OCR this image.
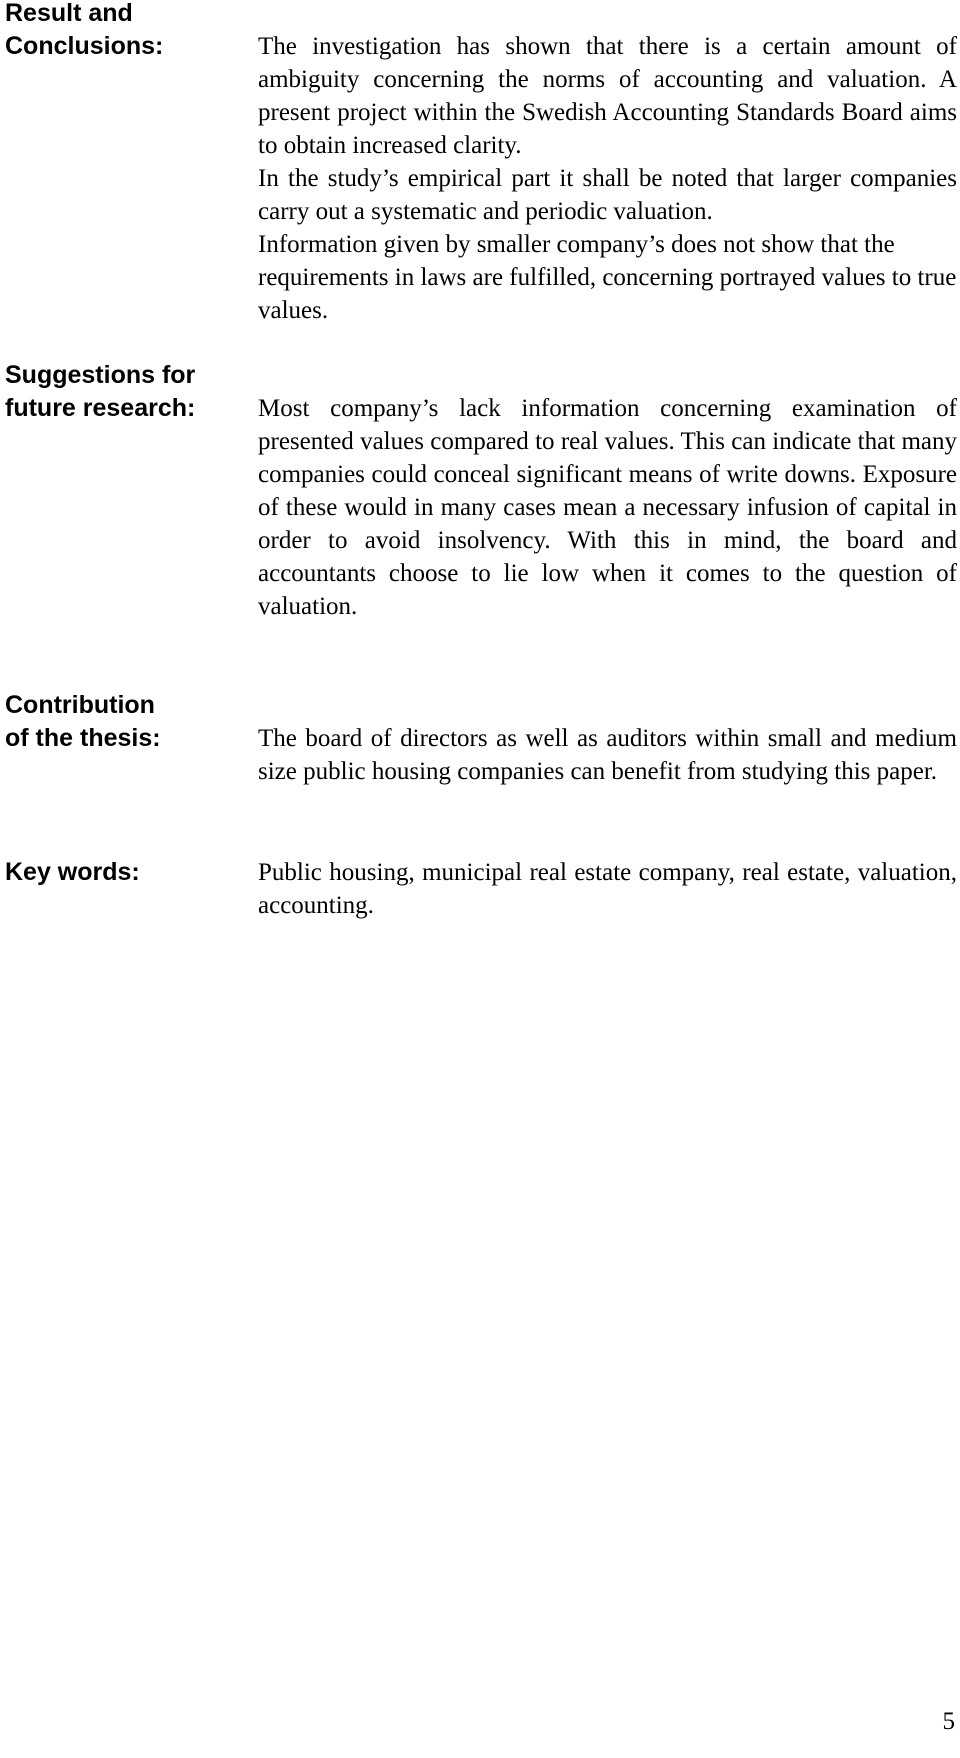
Result and
Conclusions:	The investigation has shown that there is a certain amount of ambiguity concerning the norms of accounting and valuation. A present project within the Swedish Accounting Standards Board aims to obtain increased clarity.

In the study’s empirical part it shall be noted that larger companies carry out a systematic and periodic valuation.

Information given by smaller company’s does not show that the requirements in laws are fulfilled, concerning portrayed values to true values.

Suggestions for
future research:	Most company’s lack information concerning examination of presented values compared to real values. This can indicate that many companies could conceal significant means of write downs. Exposure of these would in many cases mean a necessary infusion of capital in order to avoid insolvency. With this in mind, the board and accountants choose to lie low when it comes to the question of valuation.

Contribution
of the thesis:	The board of directors as well as auditors within small and medium size public housing companies can benefit from studying this paper.

Key words:	Public housing, municipal real estate company, real estate, valuation, accounting.

5
